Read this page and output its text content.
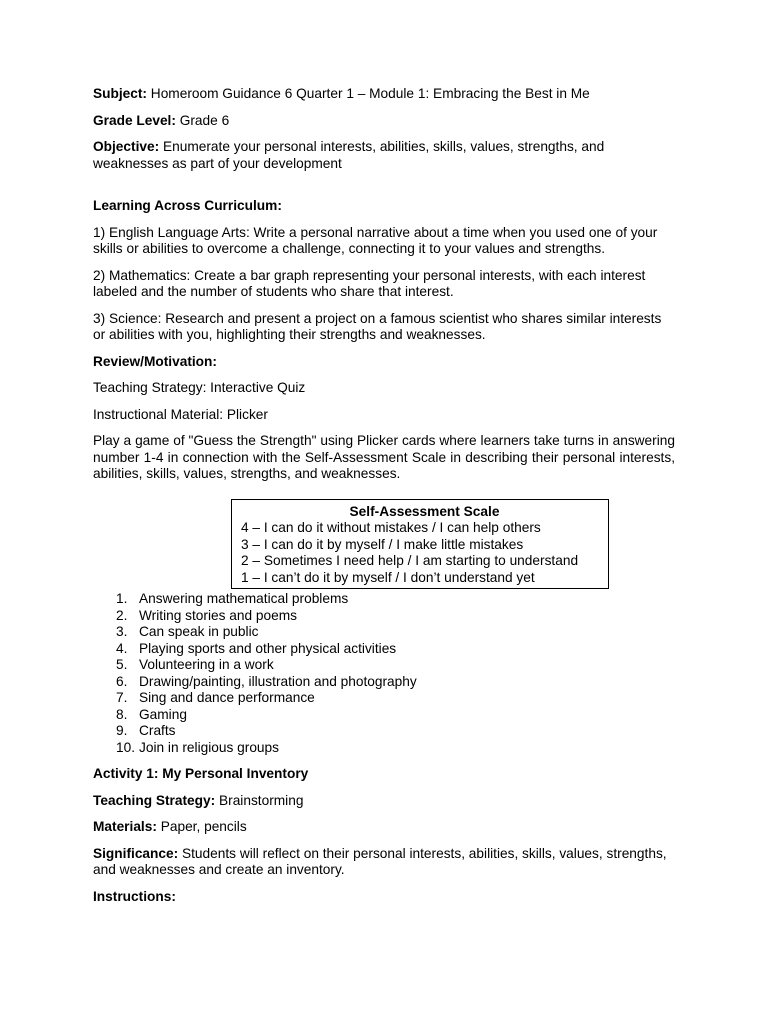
Subject: Homeroom Guidance 6 Quarter 1 – Module 1: Embracing the Best in Me

Grade Level: Grade 6

Objective: Enumerate your personal interests, abilities, skills, values, strengths, and weaknesses as part of your development

Learning Across Curriculum:

1) English Language Arts: Write a personal narrative about a time when you used one of your skills or abilities to overcome a challenge, connecting it to your values and strengths.

2) Mathematics: Create a bar graph representing your personal interests, with each interest labeled and the number of students who share that interest.

3) Science: Research and present a project on a famous scientist who shares similar interests or abilities with you, highlighting their strengths and weaknesses.

Review/Motivation:

Teaching Strategy: Interactive Quiz

Instructional Material: Plicker

Play a game of "Guess the Strength" using Plicker cards where learners take turns in answering number 1-4 in connection with the Self-Assessment Scale in describing their personal interests, abilities, skills, values, strengths, and weaknesses.

Self-Assessment Scale

4 – I can do it without mistakes / I can help others

3 – I can do it by myself / I make little mistakes

2 – Sometimes I need help / I am starting to understand

1 – I can’t do it by myself / I don’t understand yet

1. Answering mathematical problems
2. Writing stories and poems
3. Can speak in public
4. Playing sports and other physical activities
5. Volunteering in a work
6. Drawing/painting, illustration and photography
7. Sing and dance performance
8. Gaming
9. Crafts
10. Join in religious groups

Activity 1: My Personal Inventory

Teaching Strategy: Brainstorming

Materials: Paper, pencils

Significance: Students will reflect on their personal interests, abilities, skills, values, strengths, and weaknesses and create an inventory.

Instructions:
